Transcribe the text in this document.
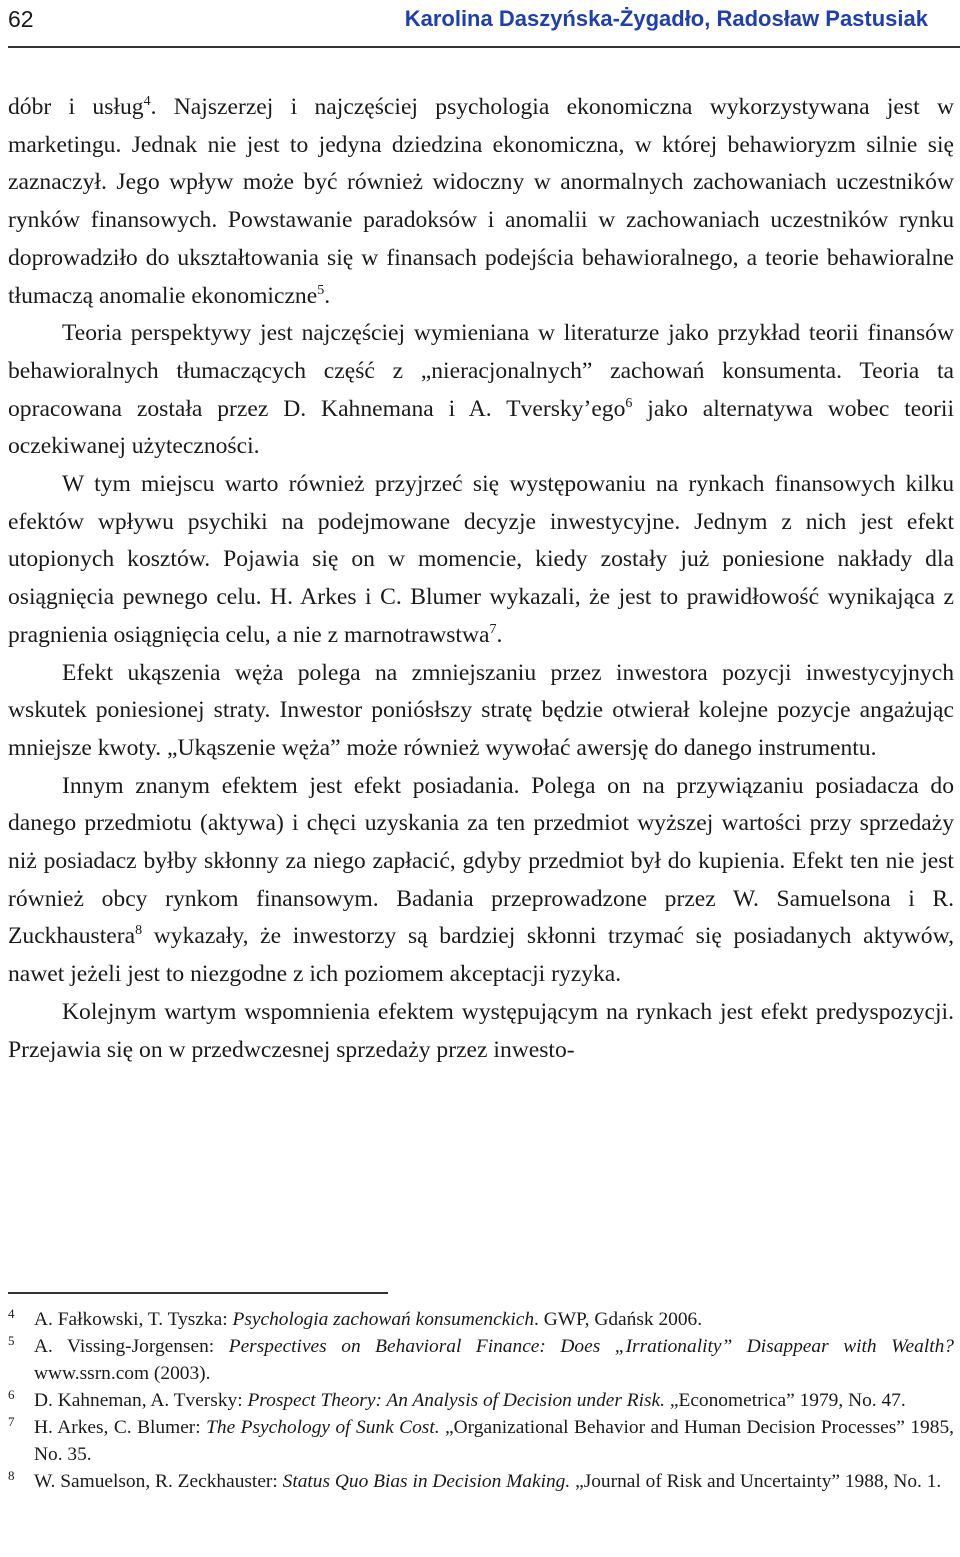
62	Karolina Daszyńska-Żygadło, Radosław Pastusiak

dóbr i usług$^4$. Najszerzej i najczęściej psychologia ekonomiczna wykorzystywana jest w marketingu. Jednak nie jest to jedyna dziedzina ekonomiczna, w której behawioryzm silnie się zaznaczył. Jego wpływ może być również widoczny w anormalnych zachowaniach uczestników rynków finansowych. Powstawanie paradoksów i anomalii w zachowaniach uczestników rynku doprowadziło do ukształtowania się w finansach podejścia behawioralnego, a teorie behawioralne tłumaczą anomalie ekonomiczne$^5$.

Teoria perspektywy jest najczęściej wymieniana w literaturze jako przykład teorii finansów behawioralnych tłumaczących część z „nieracjonalnych” zachowań konsumenta. Teoria ta opracowana została przez D. Kahnemana i A. Tversky’ego$^6$ jako alternatywa wobec teorii oczekiwanej użyteczności.

W tym miejscu warto również przyjrzeć się występowaniu na rynkach finansowych kilku efektów wpływu psychiki na podejmowane decyzje inwestycyjne. Jednym z nich jest efekt utopionych kosztów. Pojawia się on w momencie, kiedy zostały już poniesione nakłady dla osiągnięcia pewnego celu. H. Arkes i C. Blumer wykazali, że jest to prawidłowość wynikająca z pragnienia osiągnięcia celu, a nie z marnotrawstwa$^7$.

Efekt ukąszenia węża polega na zmniejszaniu przez inwestora pozycji inwestycyjnych wskutek poniesionej straty. Inwestor poniósłszy stratę będzie otwierał kolejne pozycje angażując mniejsze kwoty. „Ukąszenie węża” może również wywołać awersję do danego instrumentu.

Innym znanym efektem jest efekt posiadania. Polega on na przywiązaniu posiadacza do danego przedmiotu (aktywa) i chęci uzyskania za ten przedmiot wyższej wartości przy sprzedaży niż posiadacz byłby skłonny za niego zapłacić, gdyby przedmiot był do kupienia. Efekt ten nie jest również obcy rynkom finansowym. Badania przeprowadzone przez W. Samuelsona i R. Zuckhaustera$^8$ wykazały, że inwestorzy są bardziej skłonni trzymać się posiadanych aktywów, nawet jeżeli jest to niezgodne z ich poziomem akceptacji ryzyka.

Kolejnym wartym wspomnienia efektem występującym na rynkach jest efekt predyspozycji. Przejawia się on w przedwczesnej sprzedaży przez inwesto-

4 A. Fałkowski, T. Tyszka: Psychologia zachowań konsumenckich. GWP, Gdańsk 2006.
5 A. Vissing-Jorgensen: Perspectives on Behavioral Finance: Does „Irrationality” Disappear with Wealth? www.ssrn.com (2003).
6 D. Kahneman, A. Tversky: Prospect Theory: An Analysis of Decision under Risk. „Econometrica” 1979, No. 47.
7 H. Arkes, C. Blumer: The Psychology of Sunk Cost. „Organizational Behavior and Human Decision Processes” 1985, No. 35.
8 W. Samuelson, R. Zeckhauster: Status Quo Bias in Decision Making. „Journal of Risk and Uncertainty” 1988, No. 1.
